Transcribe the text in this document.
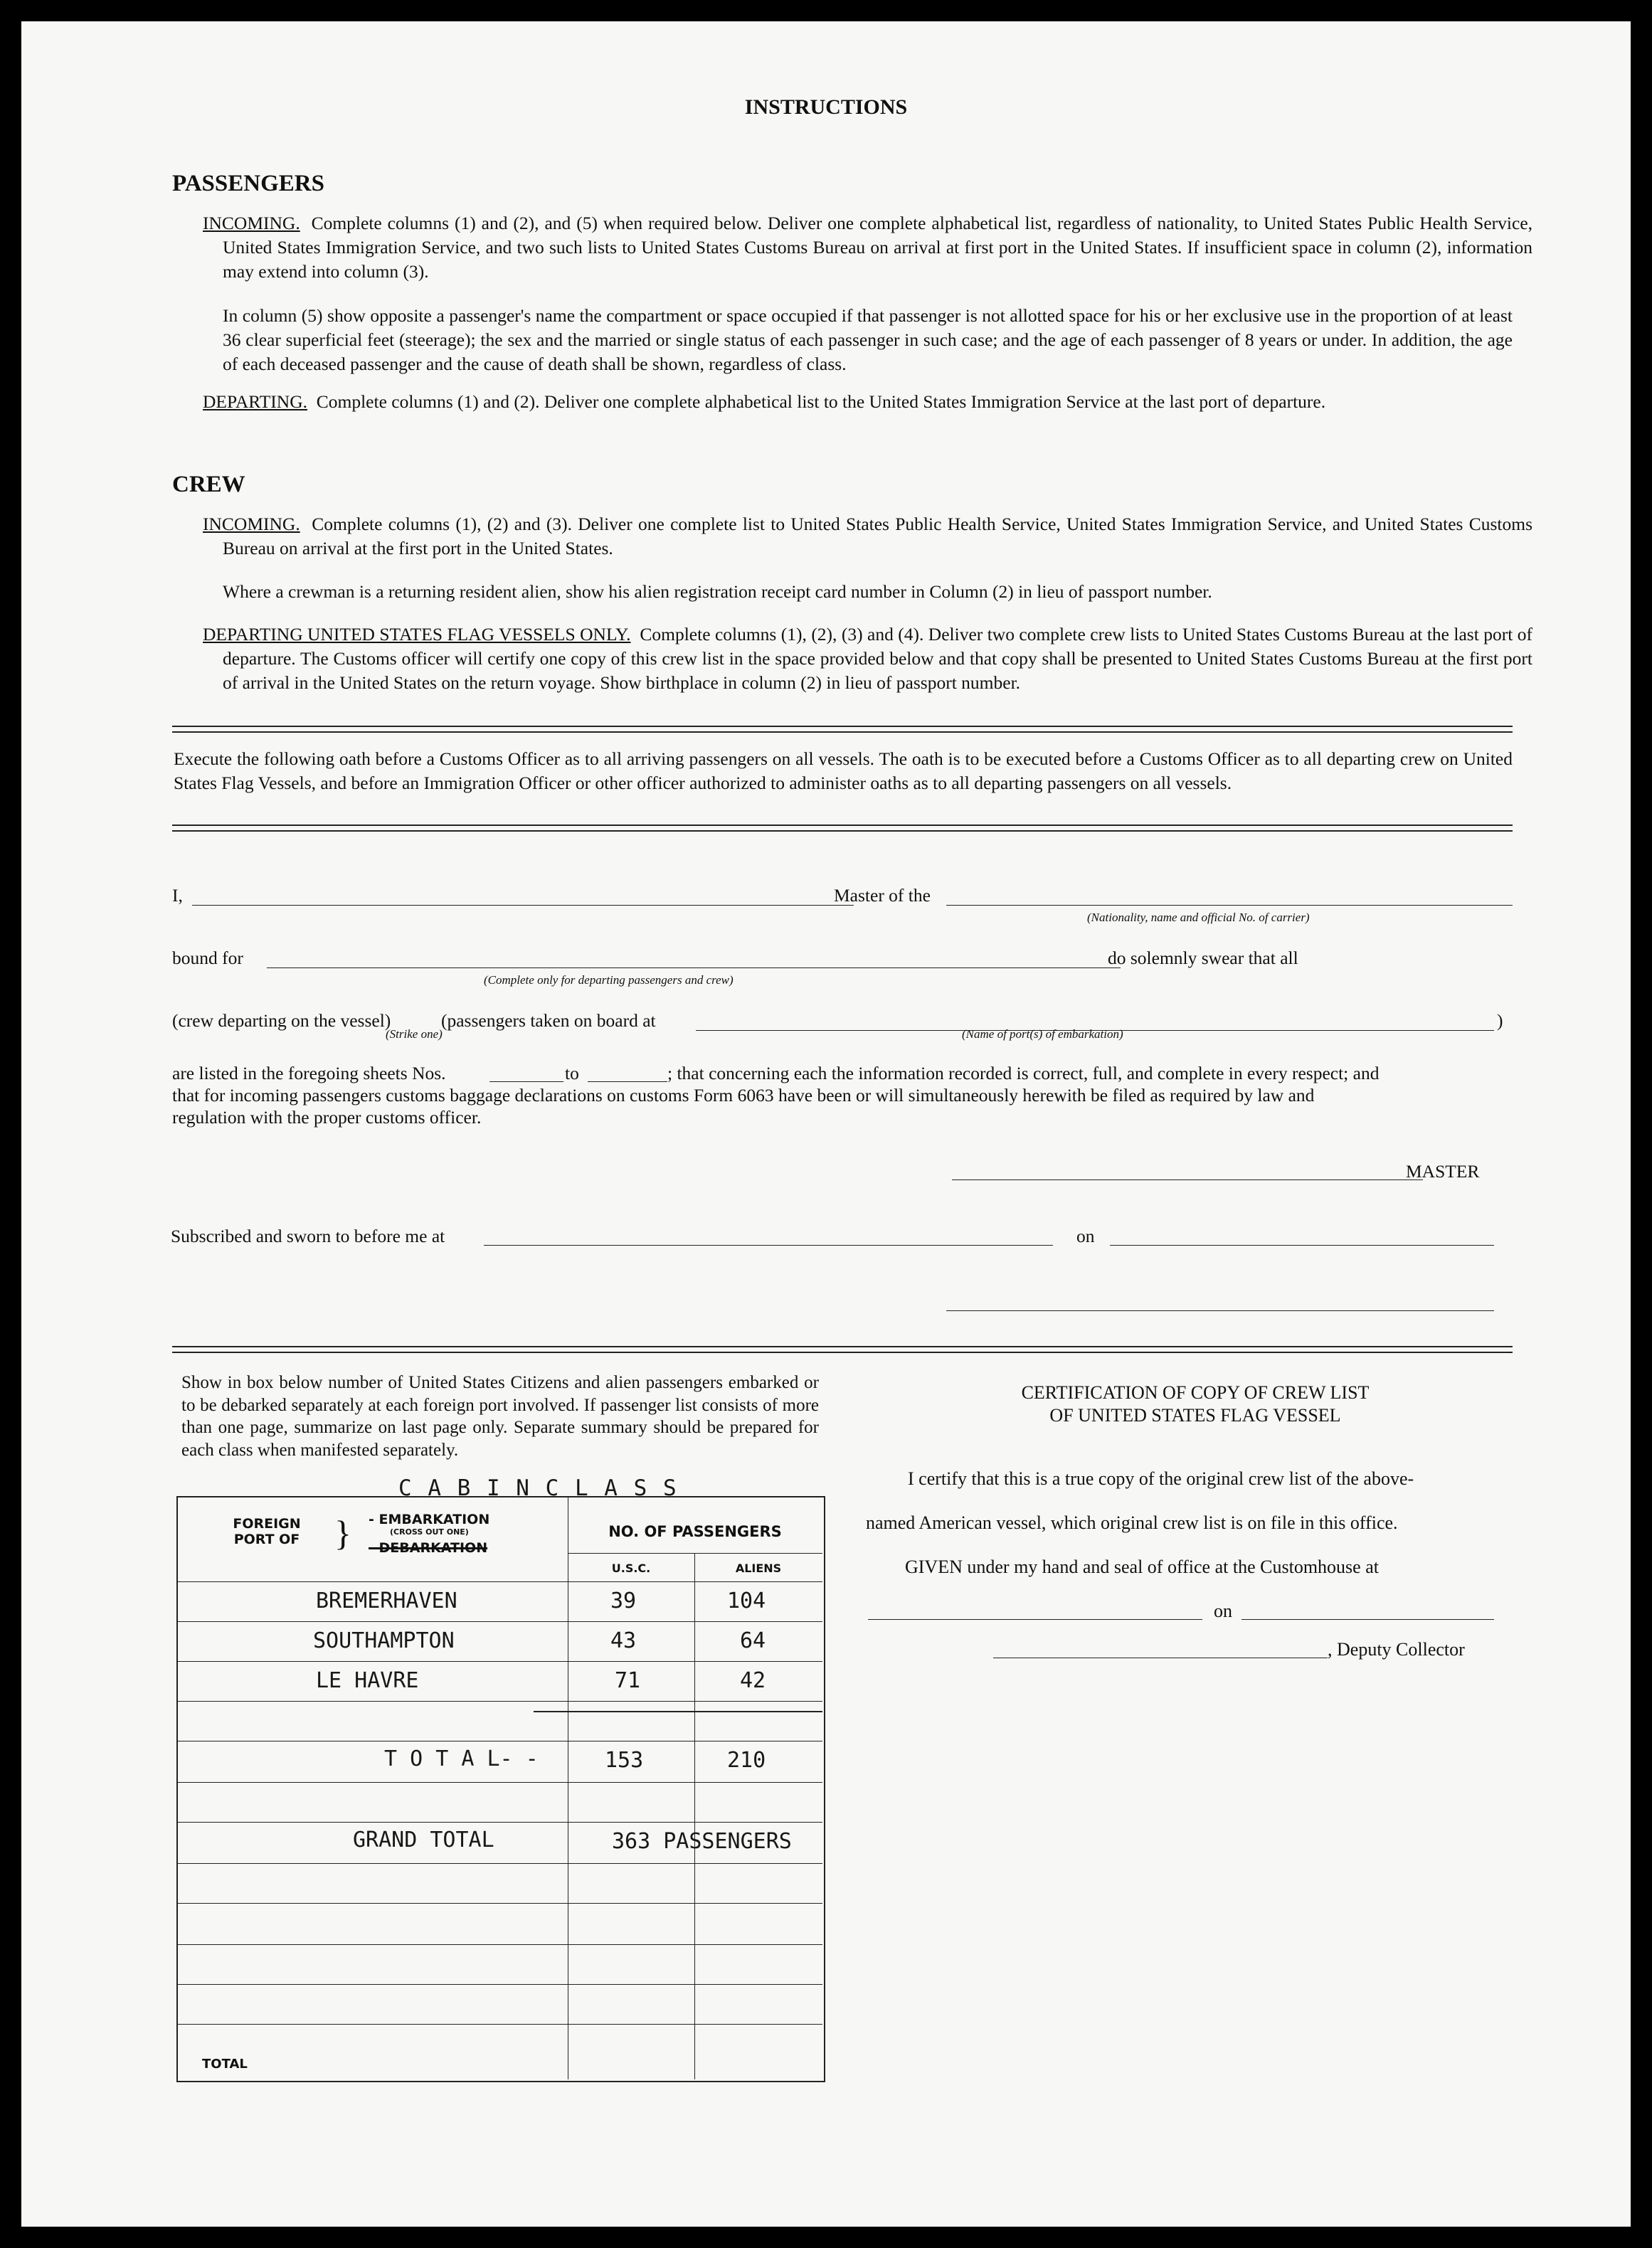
INSTRUCTIONS
PASSENGERS
INCOMING. Complete columns (1) and (2), and (5) when required below. Deliver one complete alphabetical list, regardless of nationality, to United States Public Health Service, United States Immigration Service, and two such lists to United States Customs Bureau on arrival at first port in the United States. If insufficient space in column (2), information may extend into column (3).
In column (5) show opposite a passenger's name the compartment or space occupied if that passenger is not allotted space for his or her exclusive use in the proportion of at least 36 clear superficial feet (steerage); the sex and the married or single status of each passenger in such case; and the age of each passenger of 8 years or under. In addition, the age of each deceased passenger and the cause of death shall be shown, regardless of class.
DEPARTING. Complete columns (1) and (2). Deliver one complete alphabetical list to the United States Immigration Service at the last port of departure.
CREW
INCOMING. Complete columns (1), (2) and (3). Deliver one complete list to United States Public Health Service, United States Immigration Service, and United States Customs Bureau on arrival at the first port in the United States.
Where a crewman is a returning resident alien, show his alien registration receipt card number in Column (2) in lieu of passport number.
DEPARTING UNITED STATES FLAG VESSELS ONLY. Complete columns (1), (2), (3) and (4). Deliver two complete crew lists to United States Customs Bureau at the last port of departure. The Customs officer will certify one copy of this crew list in the space provided below and that copy shall be presented to United States Customs Bureau at the first port of arrival in the United States on the return voyage. Show birthplace in column (2) in lieu of passport number.
Execute the following oath before a Customs Officer as to all arriving passengers on all vessels. The oath is to be executed before a Customs Officer as to all departing crew on United States Flag Vessels, and before an Immigration Officer or other officer authorized to administer oaths as to all departing passengers on all vessels.
I,	Master of the
(Nationality, name and official No. of carrier)
bound for
(Complete only for departing passengers and crew)
do solemnly swear that all
(crew departing on the vessel)	(passengers taken on board at	)
(Strike one)	(Name of port(s) of embarkation)
are listed in the foregoing sheets Nos.	to	; that concerning each the information recorded is correct, full, and complete in every respect; and
that for incoming passengers customs baggage declarations on customs Form 6063 have been or will simultaneously herewith be filed as required by law and
regulation with the proper customs officer.
MASTER
Subscribed and sworn to before me at	on
Show in box below number of United States Citizens and alien passengers embarked or to be debarked separately at each foreign port involved. If passenger list consists of more than one page, summarize on last page only. Separate summary should be prepared for each class when manifested separately.
C A B I N C L A S S
FOREIGN PORT OF } - EMBARKATION
(CROSS OUT ONE)
- DEBARKATION
NO. OF PASSENGERS
U.S.C.	ALIENS
BREMERHAVEN	39	104
SOUTHAMPTON	43	64
LE HAVRE	71	42
T O T A L- -	153	210
GRAND TOTAL	363 PASSENGERS
TOTAL
CERTIFICATION OF COPY OF CREW LIST
OF UNITED STATES FLAG VESSEL
I certify that this is a true copy of the original crew list of the above-
named American vessel, which original crew list is on file in this office.
GIVEN under my hand and seal of office at the Customhouse at
on
, Deputy Collector
